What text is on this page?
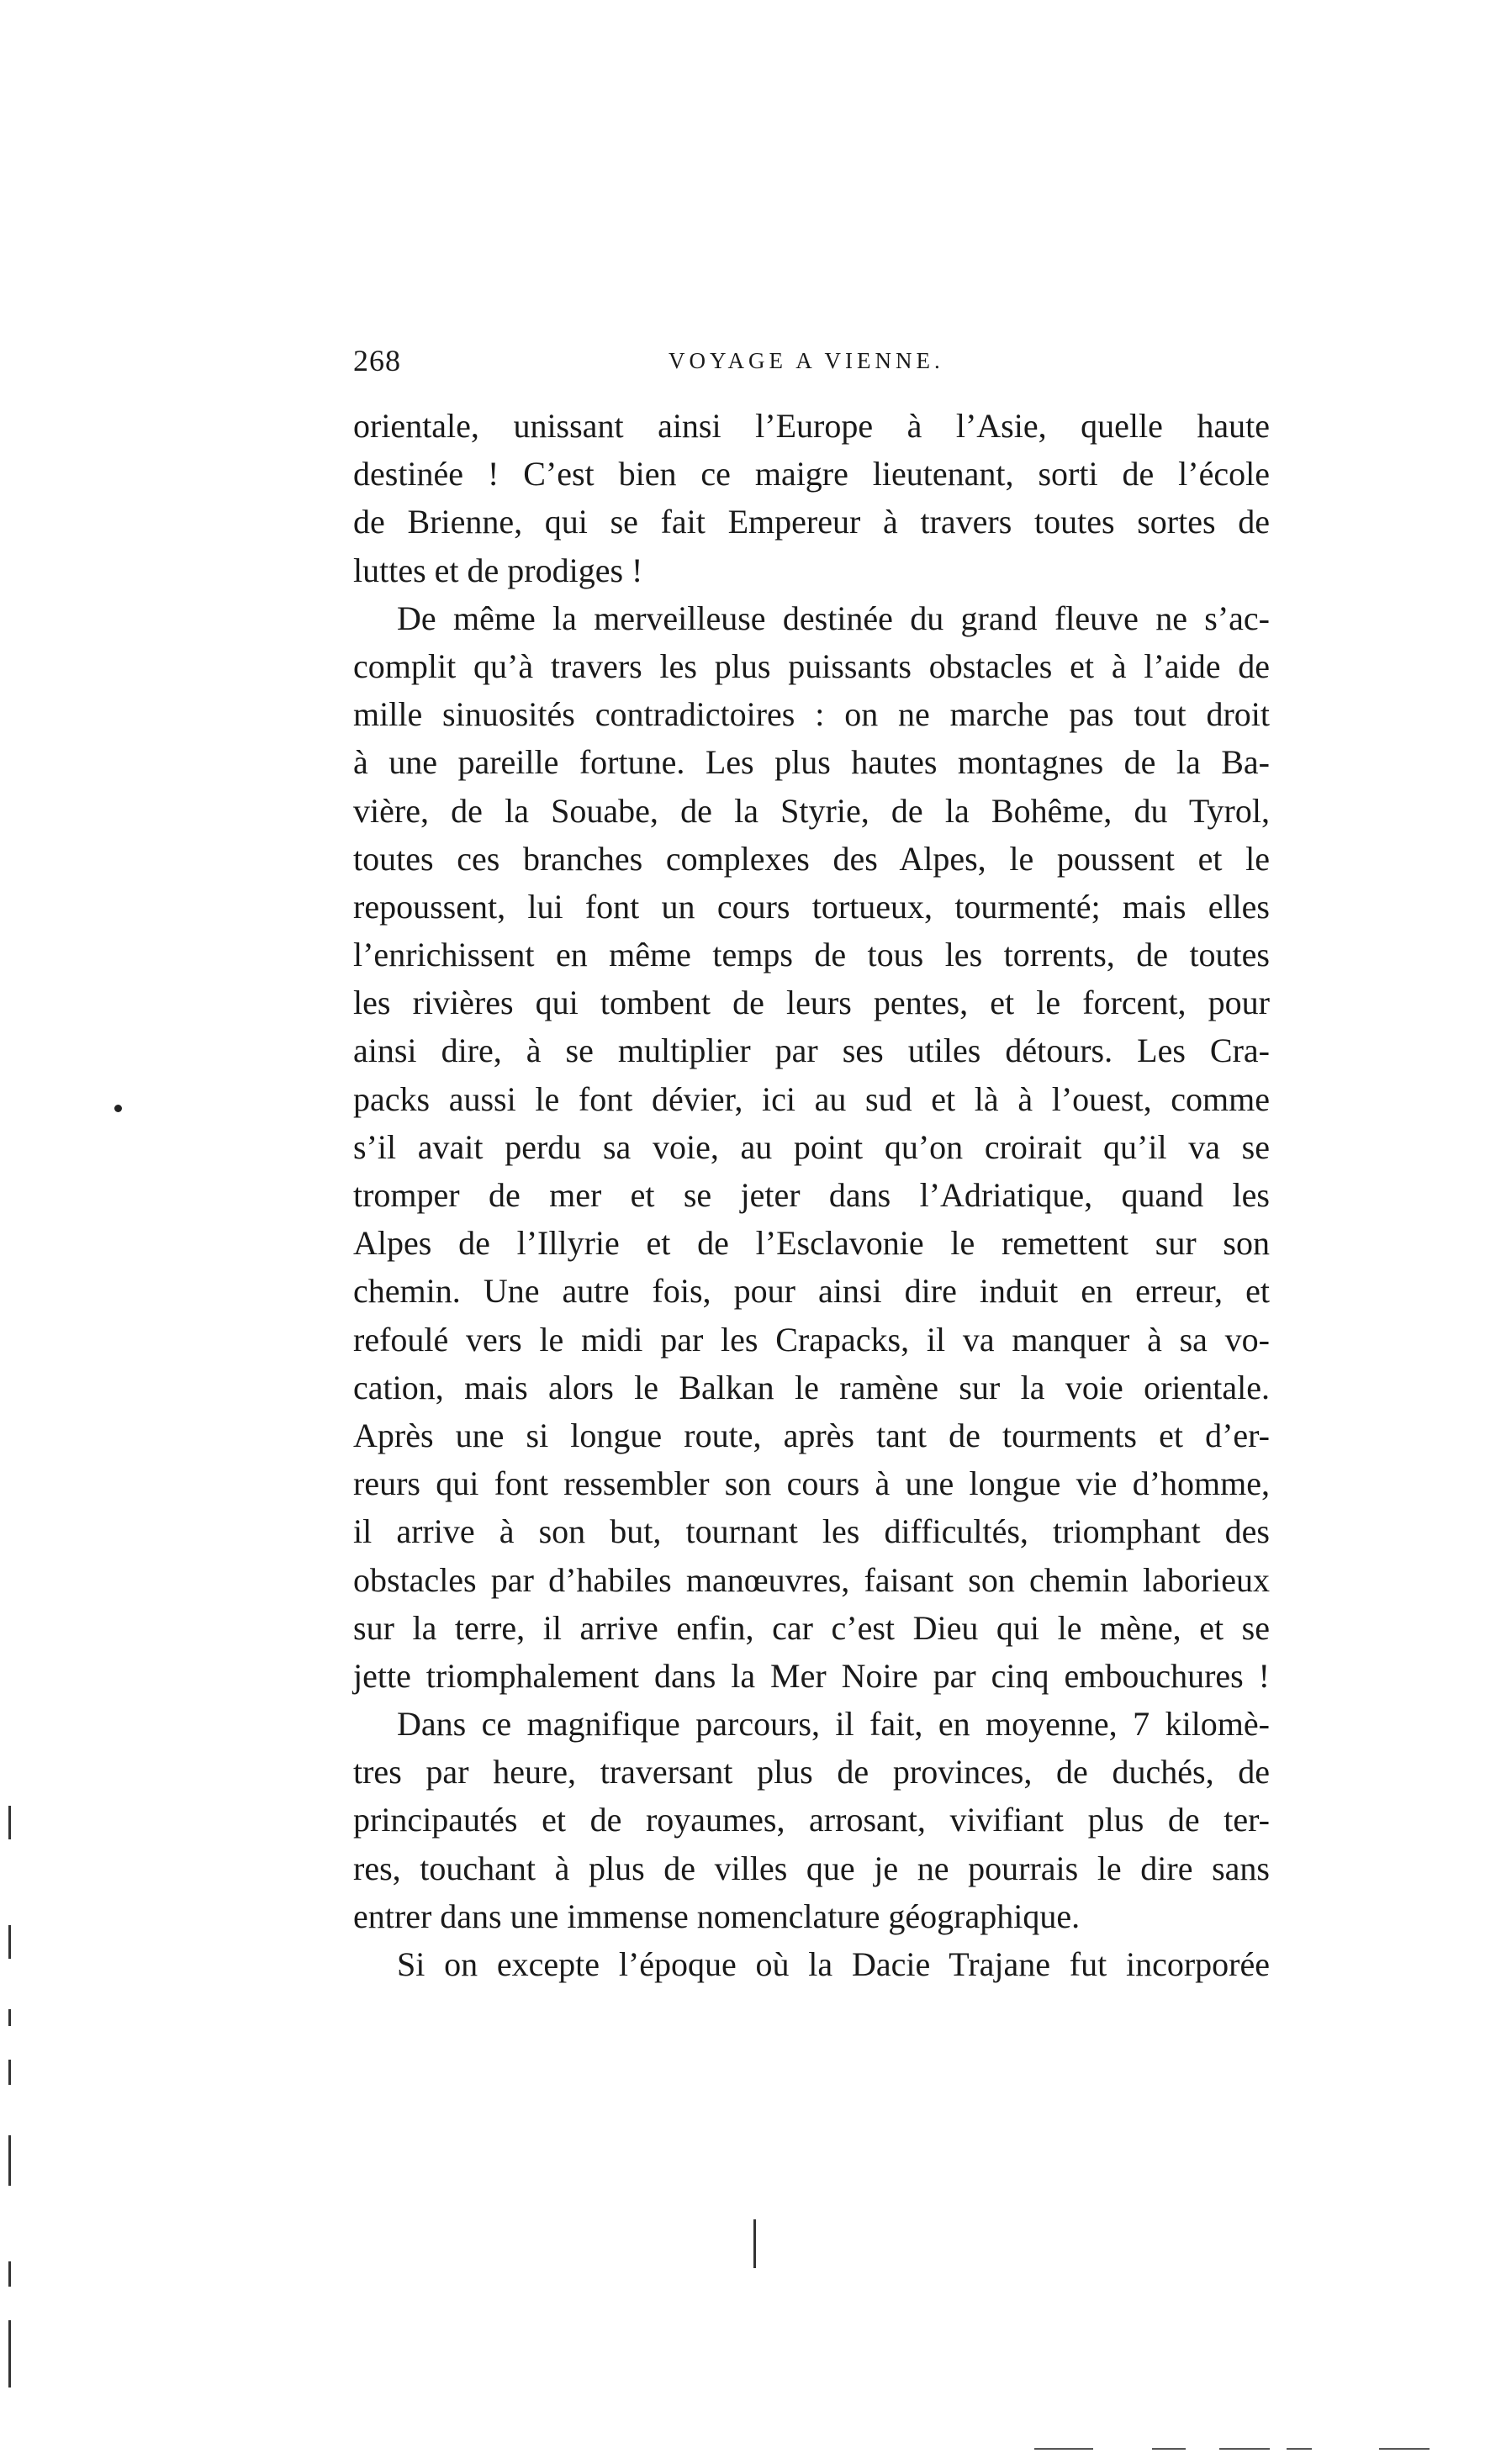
268	VOYAGE A VIENNE.
orientale, unissant ainsi l’Europe à l’Asie, quelle haute
destinée ! C’est bien ce maigre lieutenant, sorti de l’école
de Brienne, qui se fait Empereur à travers toutes sortes de
luttes et de prodiges !
De même la merveilleuse destinée du grand fleuve ne s’ac-
complit qu’à travers les plus puissants obstacles et à l’aide de
mille sinuosités contradictoires : on ne marche pas tout droit
à une pareille fortune. Les plus hautes montagnes de la Ba-
vière, de la Souabe, de la Styrie, de la Bohême, du Tyrol,
toutes ces branches complexes des Alpes, le poussent et le
repoussent, lui font un cours tortueux, tourmenté; mais elles
l’enrichissent en même temps de tous les torrents, de toutes
les rivières qui tombent de leurs pentes, et le forcent, pour
ainsi dire, à se multiplier par ses utiles détours. Les Cra-
packs aussi le font dévier, ici au sud et là à l’ouest, comme
s’il avait perdu sa voie, au point qu’on croirait qu’il va se
tromper de mer et se jeter dans l’Adriatique, quand les
Alpes de l’Illyrie et de l’Esclavonie le remettent sur son
chemin. Une autre fois, pour ainsi dire induit en erreur, et
refoulé vers le midi par les Crapacks, il va manquer à sa vo-
cation, mais alors le Balkan le ramène sur la voie orientale.
Après une si longue route, après tant de tourments et d’er-
reurs qui font ressembler son cours à une longue vie d’homme,
il arrive à son but, tournant les difficultés, triomphant des
obstacles par d’habiles manœuvres, faisant son chemin laborieux
sur la terre, il arrive enfin, car c’est Dieu qui le mène, et se
jette triomphalement dans la Mer Noire par cinq embouchures !
Dans ce magnifique parcours, il fait, en moyenne, 7 kilomè-
tres par heure, traversant plus de provinces, de duchés, de
principautés et de royaumes, arrosant, vivifiant plus de ter-
res, touchant à plus de villes que je ne pourrais le dire sans
entrer dans une immense nomenclature géographique.
Si on excepte l’époque où la Dacie Trajane fut incorporée
